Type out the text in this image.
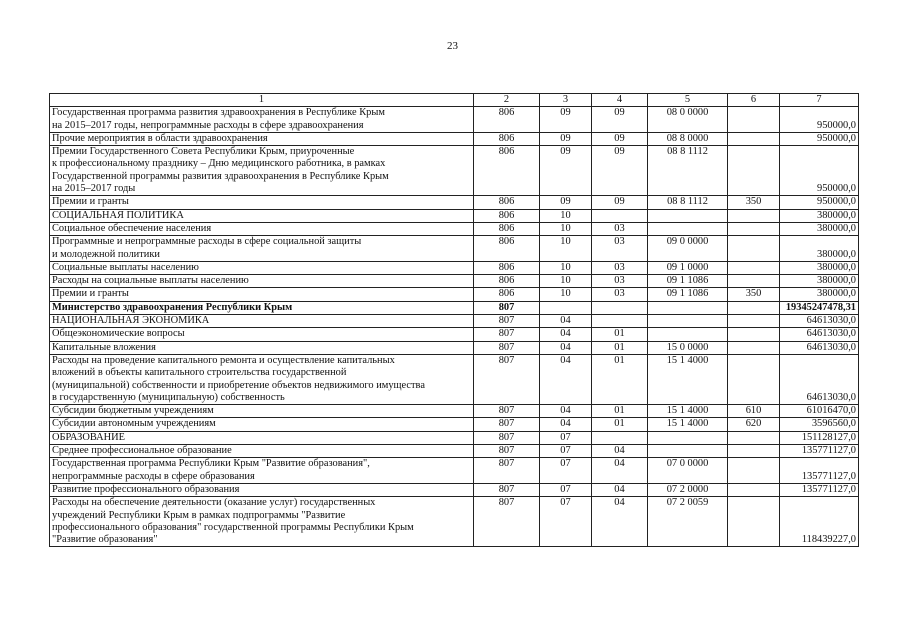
23
1	2	3	4	5	6	7
Государственная программа развития здравоохранения в Республике Крым
на 2015–2017 годы, непрограммные расходы в сфере здравоохранения	806	09	09	08 0 0000		950000,0
Прочие мероприятия в области здравоохранения	806	09	09	08 8 0000		950000,0
Премии Государственного Совета Республики Крым, приуроченные
к профессиональному празднику – Дню медицинского работника, в рамках
Государственной программы развития здравоохранения в Республике Крым
на 2015–2017 годы	806	09	09	08 8 1112		950000,0
Премии и гранты	806	09	09	08 8 1112	350	950000,0
СОЦИАЛЬНАЯ ПОЛИТИКА	806	10				380000,0
Социальное обеспечение населения	806	10	03			380000,0
Программные и непрограммные расходы в сфере социальной защиты
и молодежной политики	806	10	03	09 0 0000		380000,0
Социальные выплаты населению	806	10	03	09 1 0000		380000,0
Расходы на социальные выплаты населению	806	10	03	09 1 1086		380000,0
Премии и гранты	806	10	03	09 1 1086	350	380000,0
Министерство здравоохранения Республики Крым	807					19345247478,31
НАЦИОНАЛЬНАЯ ЭКОНОМИКА	807	04				64613030,0
Общеэкономические вопросы	807	04	01			64613030,0
Капитальные вложения	807	04	01	15 0 0000		64613030,0
Расходы на проведение капитального ремонта и осуществление капитальных
вложений в объекты капитального строительства государственной
(муниципальной) собственности и приобретение объектов недвижимого имущества
в государственную (муниципальную) собственность	807	04	01	15 1 4000		64613030,0
Субсидии бюджетным учреждениям	807	04	01	15 1 4000	610	61016470,0
Субсидии автономным учреждениям	807	04	01	15 1 4000	620	3596560,0
ОБРАЗОВАНИЕ	807	07				151128127,0
Среднее профессиональное образование	807	07	04			135771127,0
Государственная программа Республики Крым "Развитие образования",
непрограммные расходы в сфере образования	807	07	04	07 0 0000		135771127,0
Развитие профессионального образования	807	07	04	07 2 0000		135771127,0
Расходы на обеспечение деятельности (оказание услуг) государственных
учреждений Республики Крым в рамках подпрограммы "Развитие
профессионального образования" государственной программы Республики Крым
"Развитие образования"	807	07	04	07 2 0059		118439227,0
